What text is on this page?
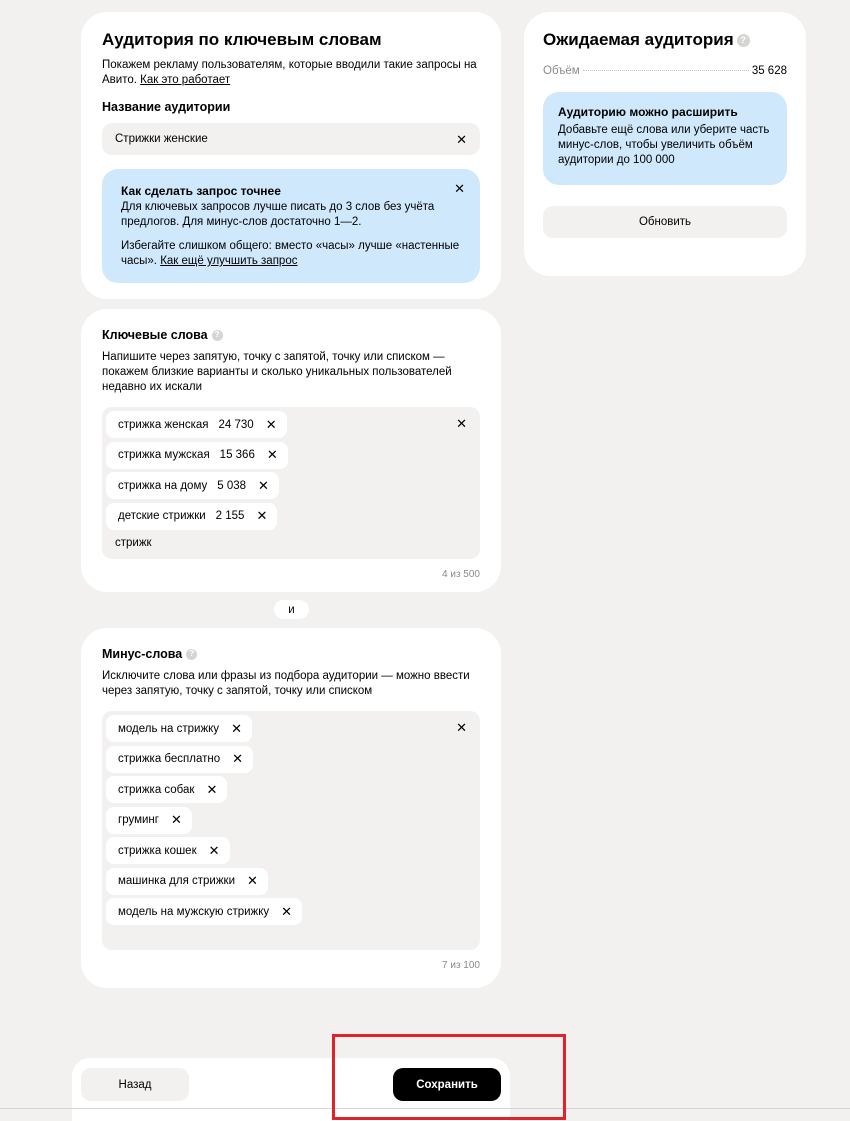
Аудитория по ключевым словам
Покажем рекламу пользователям, которые вводили такие запросы на Авито. Как это работает
Название аудитории
Стрижки женские	✕
✕
Как сделать запрос точнее

Для ключевых запросов лучше писать до 3 слов без учёта предлогов. Для минус-слов достаточно 1—2.

Избегайте слишком общего: вместо «часы» лучше «настенные часы». Как ещё улучшить запрос

Ключевые слова ?
Напишите через запятую, точку с запятой, точку или списком — покажем близкие варианты и сколько уникальных пользователей недавно их искали
✕
стрижка женская 24 730 ✕
стрижка мужская 15 366 ✕
стрижка на дому 5 038 ✕
детские стрижки 2 155 ✕
стрижк
4 из 500
и
Минус-слова ?
Исключите слова или фразы из подбора аудитории — можно ввести через запятую, точку с запятой, точку или списком
✕
модель на стрижку ✕
стрижка бесплатно ✕
стрижка собак ✕
груминг ✕
стрижка кошек ✕
машинка для стрижки ✕
модель на мужскую стрижку ✕
7 из 100
Ожидаемая аудитория ?
Объём	35 628
Аудиторию можно расширить
Добавьте ещё слова или уберите часть минус-слов, чтобы увеличить объём аудитории до 100 000
Обновить
Назад	Сохранить
